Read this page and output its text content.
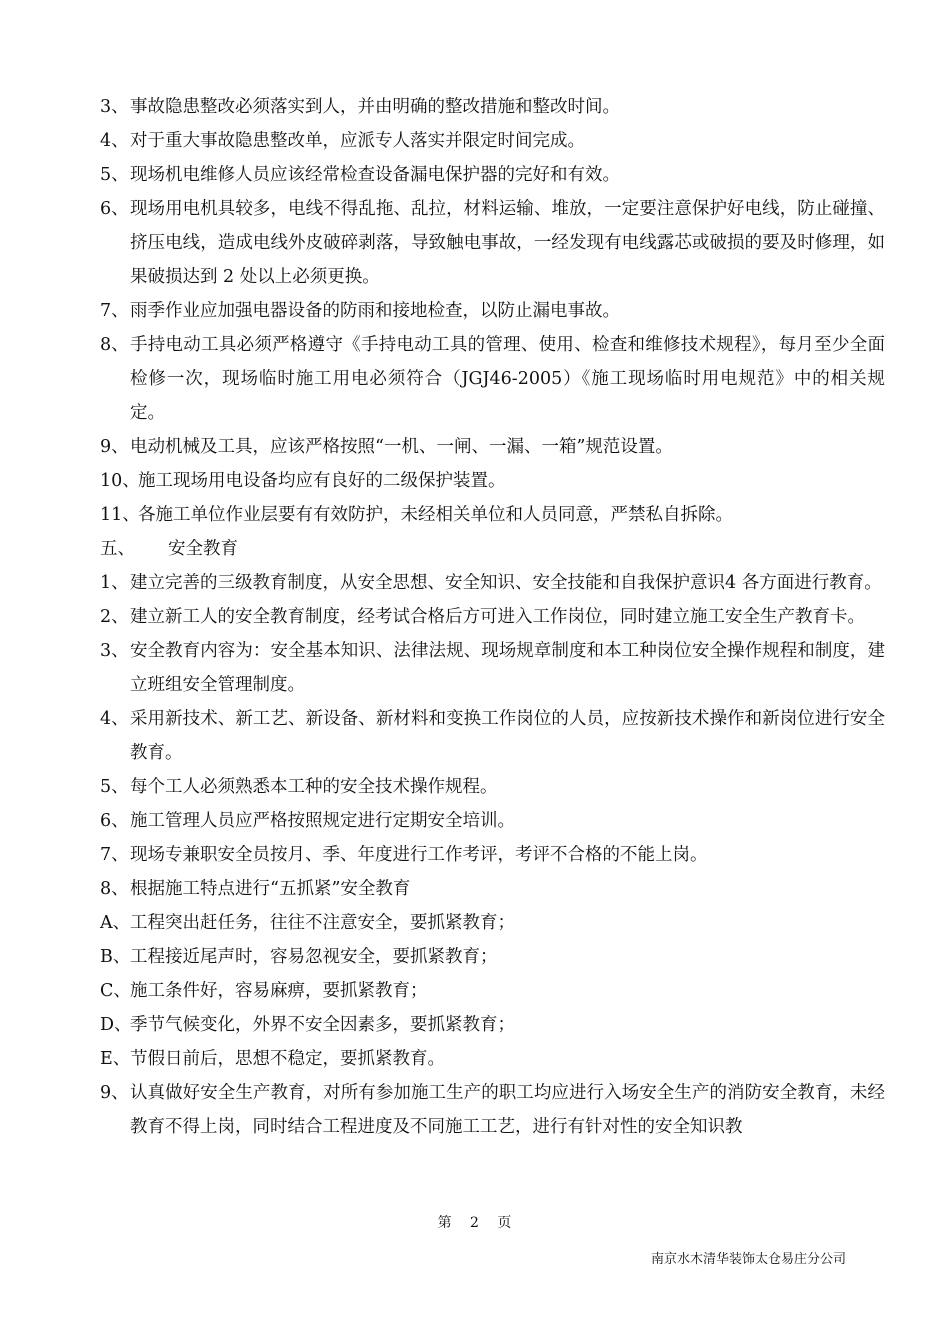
3、 事故隐患整改必须落实到人，并由明确的整改措施和整改时间。
4、 对于重大事故隐患整改单，应派专人落实并限定时间完成。
5、 现场机电维修人员应该经常检查设备漏电保护器的完好和有效。
6、 现场用电机具较多，电线不得乱拖、乱拉，材料运输、堆放，一定要注意保护好电线，防止碰撞、挤压电线，造成电线外皮破碎剥落，导致触电事故，一经发现有电线露芯或破损的要及时修理，如果破损达到 2 处以上必须更换。
7、 雨季作业应加强电器设备的防雨和接地检查，以防止漏电事故。
8、 手持电动工具必须严格遵守《手持电动工具的管理、使用、检查和维修技术规程》，每月至少全面检修一次，现场临时施工用电必须符合（JGJ46-2005）《施工现场临时用电规范》中的相关规定。
9、 电动机械及工具，应该严格按照“一机、一闸、一漏、一箱”规范设置。
10、
施工现场用电设备均应有良好的二级保护装置。
11、
各施工单位作业层要有有效防护，未经相关单位和人员同意，严禁私自拆除。
五、	安全教育
1、 建立完善的三级教育制度，从安全思想、安全知识、安全技能和自我保护意识4 各方面进行教育。
2、 建立新工人的安全教育制度，经考试合格后方可进入工作岗位，同时建立施工安全生产教育卡。
3、 安全教育内容为：安全基本知识、法律法规、现场规章制度和本工种岗位安全操作规程和制度，建立班组安全管理制度。
4、 采用新技术、新工艺、新设备、新材料和变换工作岗位的人员，应按新技术操作和新岗位进行安全教育。
5、 每个工人必须熟悉本工种的安全技术操作规程。
6、 施工管理人员应严格按照规定进行定期安全培训。
7、 现场专兼职安全员按月、季、年度进行工作考评，考评不合格的不能上岗。
8、 根据施工特点进行“五抓紧”安全教育
A、 工程突出赶任务，往往不注意安全，要抓紧教育；
B、 工程接近尾声时，容易忽视安全，要抓紧教育；
C、 施工条件好，容易麻痹，要抓紧教育；
D、
季节气候变化，外界不安全因素多，要抓紧教育；
E、 节假日前后，思想不稳定，要抓紧教育。
9、 认真做好安全生产教育，对所有参加施工生产的职工均应进行入场安全生产的消防安全教育，未经教育不得上岗，同时结合工程进度及不同施工工艺，进行有针对性的安全知识教
第 2 页
南京水木清华装饰太仓易庄分公司
